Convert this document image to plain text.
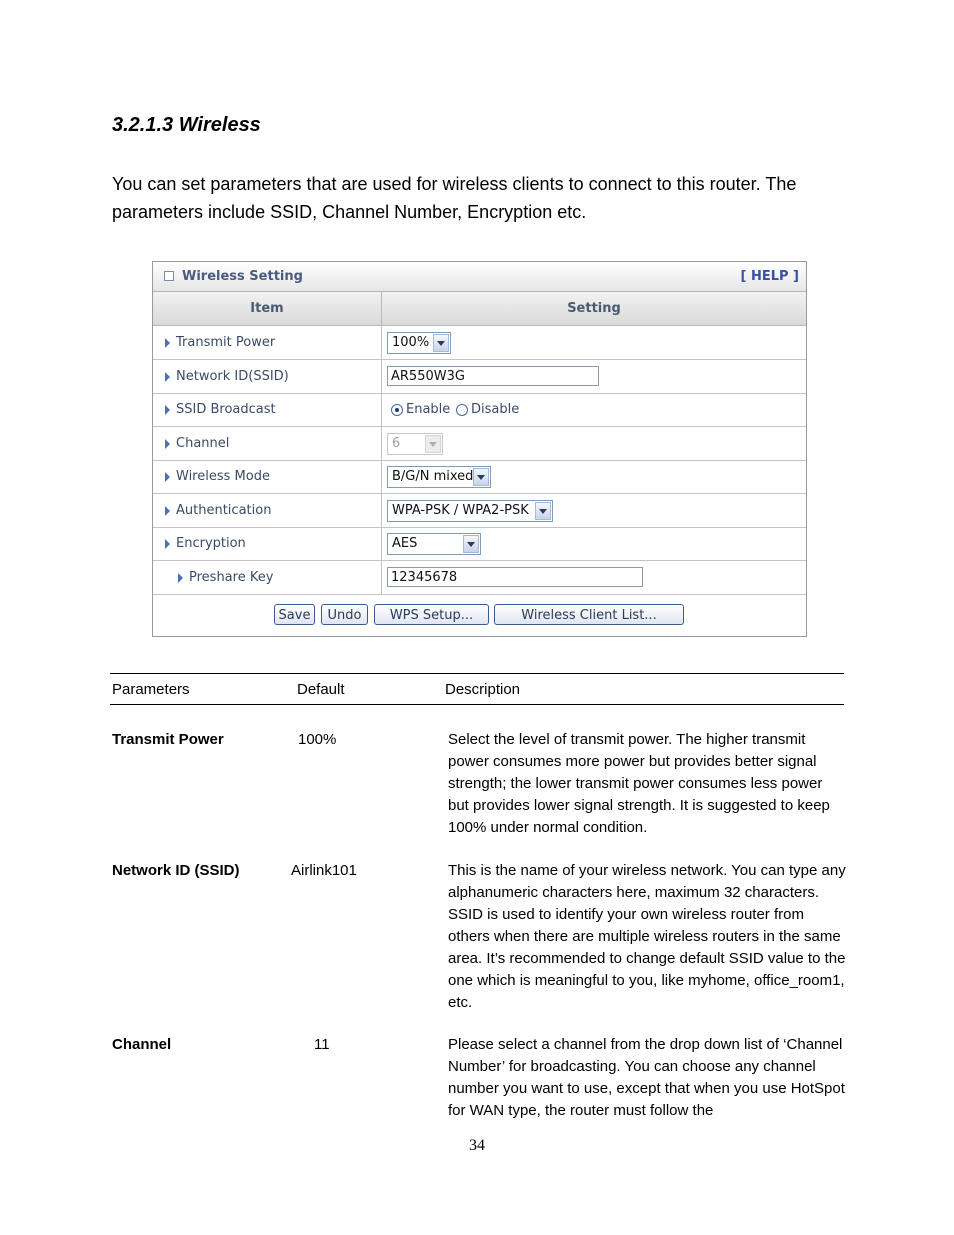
3.2.1.3 Wireless
You can set parameters that are used for wireless clients to connect to this router. The parameters include SSID, Channel Number, Encryption etc.
Wireless Setting	[ HELP ]
Item	Setting
Transmit Power	100%
Network ID(SSID)	AR550W3G
SSID Broadcast	Enable Disable
Channel	6
Wireless Mode	B/G/N mixed
Authentication	WPA-PSK / WPA2-PSK
Encryption	AES
Preshare Key	12345678
Save	Undo	WPS Setup...	Wireless Client List...
Parameters	Default	Description
Transmit Power	100%	Select the level of transmit power. The higher transmit power consumes more power but provides better signal strength; the lower transmit power consumes less power but provides lower signal strength. It is suggested to keep 100% under normal condition.
Network ID (SSID)	Airlink101	This is the name of your wireless network. You can type any alphanumeric characters here, maximum 32 characters. SSID is used to identify your own wireless router from others when there are multiple wireless routers in the same area. It’s recommended to change default SSID value to the one which is meaningful to you, like myhome, office_room1, etc.
Channel	11	Please select a channel from the drop down list of ‘Channel Number’ for broadcasting. You can choose any channel number you want to use, except that when you use HotSpot for WAN type, the router must follow the
34
